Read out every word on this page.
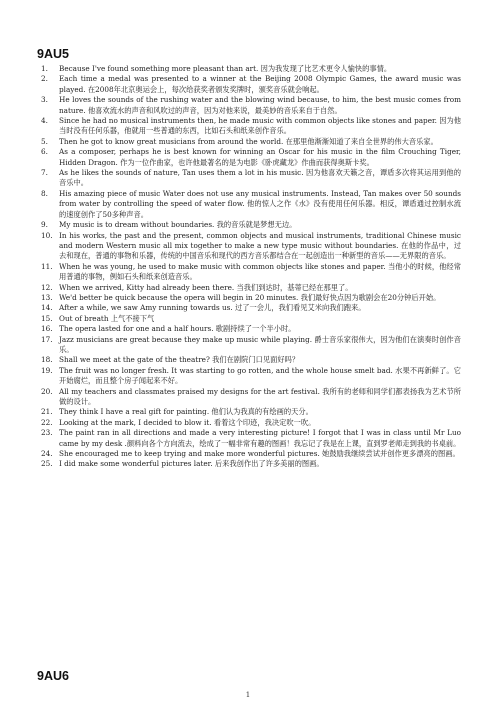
9AU5
1. Because I've found something more pleasant than art. 因为我发现了比艺术更令人愉快的事情。
2. Each time a medal was presented to a winner at the Beijing 2008 Olympic Games, the award music was played. 在2008年北京奥运会上，每次给获奖者颁发奖牌时，颁奖音乐就会响起。
3. He loves the sounds of the rushing water and the blowing wind because, to him, the best music comes from nature. 他喜欢流水的声音和风吹过的声音，因为对他来说，最美妙的音乐来自于自然。
4. Since he had no musical instruments then, he made music with common objects like stones and paper. 因为他当时没有任何乐器，他就用一些普通的东西，比如石头和纸来创作音乐。
5. Then he got to know great musicians from around the world. 在那里他渐渐知道了来自全世界的伟大音乐家。
6. As a composer, perhaps he is best known for winning an Oscar for his music in the film Crouching Tiger, Hidden Dragon. 作为一位作曲家，也许他最著名的是为电影《卧虎藏龙》作曲而获得奥斯卡奖。
7. As he likes the sounds of nature, Tan uses them a lot in his music. 因为他喜欢天籁之音，谭盾多次将其运用到他的音乐中。
8. His amazing piece of music Water does not use any musical instruments. Instead, Tan makes over 50 sounds from water by controlling the speed of water flow. 他的惊人之作《水》没有使用任何乐器。相反，谭盾通过控制水流的速度创作了50多种声音。
9. My music is to dream without boundaries. 我的音乐就是梦想无边。
10. In his works, the past and the present, common objects and musical instruments, traditional Chinese music and modern Western music all mix together to make a new type music without boundaries. 在他的作品中，过去和现在，普通的事物和乐器，传统的中国音乐和现代的西方音乐都结合在一起创造出一种新型的音乐——无界限的音乐。
11. When he was young, he used to make music with common objects like stones and paper. 当他小的时候，他经常用普通的事物，例如石头和纸来创造音乐。
12. When we arrived, Kitty had already been there. 当我们到达时，基蒂已经在那里了。
13. We'd better be quick because the opera will begin in 20 minutes. 我们最好快点因为歌剧会在20分钟后开始。
14. After a while, we saw Amy running towards us. 过了一会儿，我们看见艾米向我们跑来。
15. Out of breath 上气不接下气
16. The opera lasted for one and a half hours. 歌剧持续了一个半小时。
17. Jazz musicians are great because they make up music while playing. 爵士音乐家很伟大，因为他们在演奏时创作音乐。
18. Shall we meet at the gate of the theatre? 我们在剧院门口见面好吗？
19. The fruit was no longer fresh. It was starting to go rotten, and the whole house smelt bad. 水果不再新鲜了。它开始腐烂，而且整个房子闻起来不好。
20. All my teachers and classmates praised my designs for the art festival. 我所有的老师和同学们都表扬我为艺术节所做的设计。
21. They think I have a real gift for painting. 他们认为我真的有绘画的天分。
22. Looking at the mark, I decided to blow it. 看着这个印迹，我决定吹一吹。
23. The paint ran in all directions and made a very interesting picture! I forgot that I was in class until Mr Luo came by my desk .颜料向各个方向流去，绘成了一幅非常有趣的图画！我忘记了我是在上课，直到罗老师走到我的书桌前。
24. She encouraged me to keep trying and make more wonderful pictures. 她鼓励我继续尝试并创作更多漂亮的图画。
25. I did make some wonderful pictures later. 后来我创作出了许多美丽的图画。
9AU6
1
